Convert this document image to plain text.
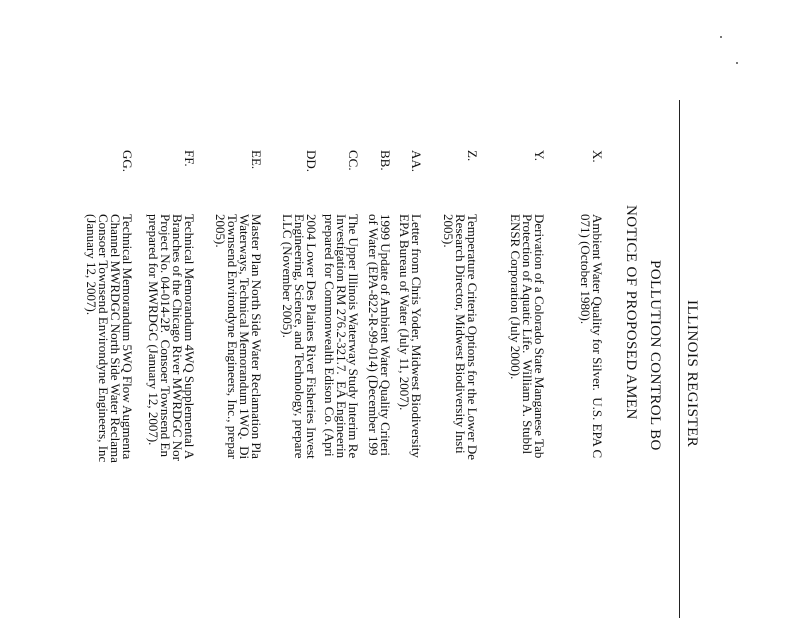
ILLINOIS REGISTER
POLLUTION CONTROL BO
NOTICE OF PROPOSED AMEN
X.
Ambient Water Quality for Silver.  U.S. EPA C
071) (October 1980).
Y.
Derivation of a Colorado State Manganese Tab
Protection of Aquatic Life.  William A. Stubbl
ENSR Corporation (July 2000).
Z.
Temperature Criteria Options for the Lower De
Research Director, Midwest Biodiversity Insti
2005).
AA.
Letter from Chris Yoder, Midwest Biodiversity
EPA Bureau of Water (July 11, 2007).
BB.
1999 Update of Ambient Water Quality Criteri
of Water (EPA-822-R-99-014) (December 199
CC.
The Upper Illinois Waterway Study Interim Re
Investigation RM 276.2-321.7.  EA Engineerin
prepared for Commonwealth Edison Co. (Apri
DD.
2004 Lower Des Plaines River Fisheries Invest
Engineering, Science, and Technology, prepare
LLC (November 2005).
EE.
Master Plan North Side Water Reclamation Pla
Waterways, Technical Memorandum 1WQ.  Di
Townsend Environdyne Engineers, Inc., prepar
2005).
FF.
Technical Memorandum 4WQ Supplemental A
Branches of the Chicago River MWRDGC Nor
Project No. 04-014-2P.  Consoer Townsend En
prepared for MWRDGC (January 12, 2007).
GG.
Technical Memorandum 5WQ Flow Augmenta
Channel MWRDGC North Side Water Reclama
Consoer Townsend Environdyne Engineers, Inc
(January 12, 2007).
